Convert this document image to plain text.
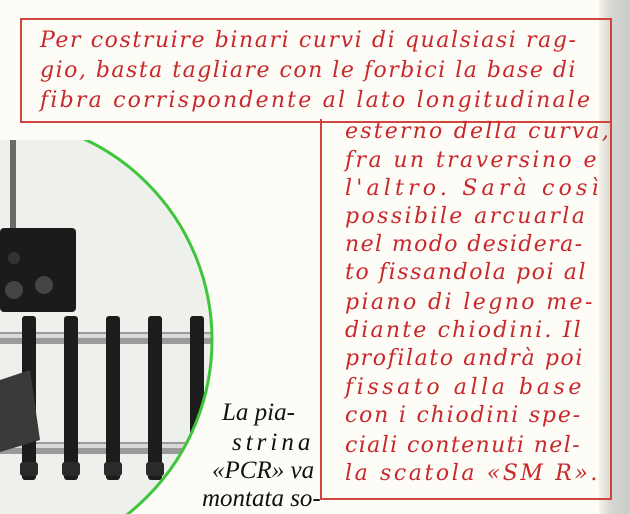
Per costruire binari curvi di qualsiasi rag-
gio, basta tagliare con le forbici la base di
fibra corrispondente al lato longitudinale
esterno della curva,
fra un traversino e
l'altro. Sarà così
possibile arcuarla
nel modo desidera-
to fissandola poi al
piano di legno me-
diante chiodini. Il
profilato andrà poi
fissato alla base
con i chiodini spe-
ciali contenuti nel-
la scatola «SM R».
La pia-
strina
«PCR» va
montata so-
